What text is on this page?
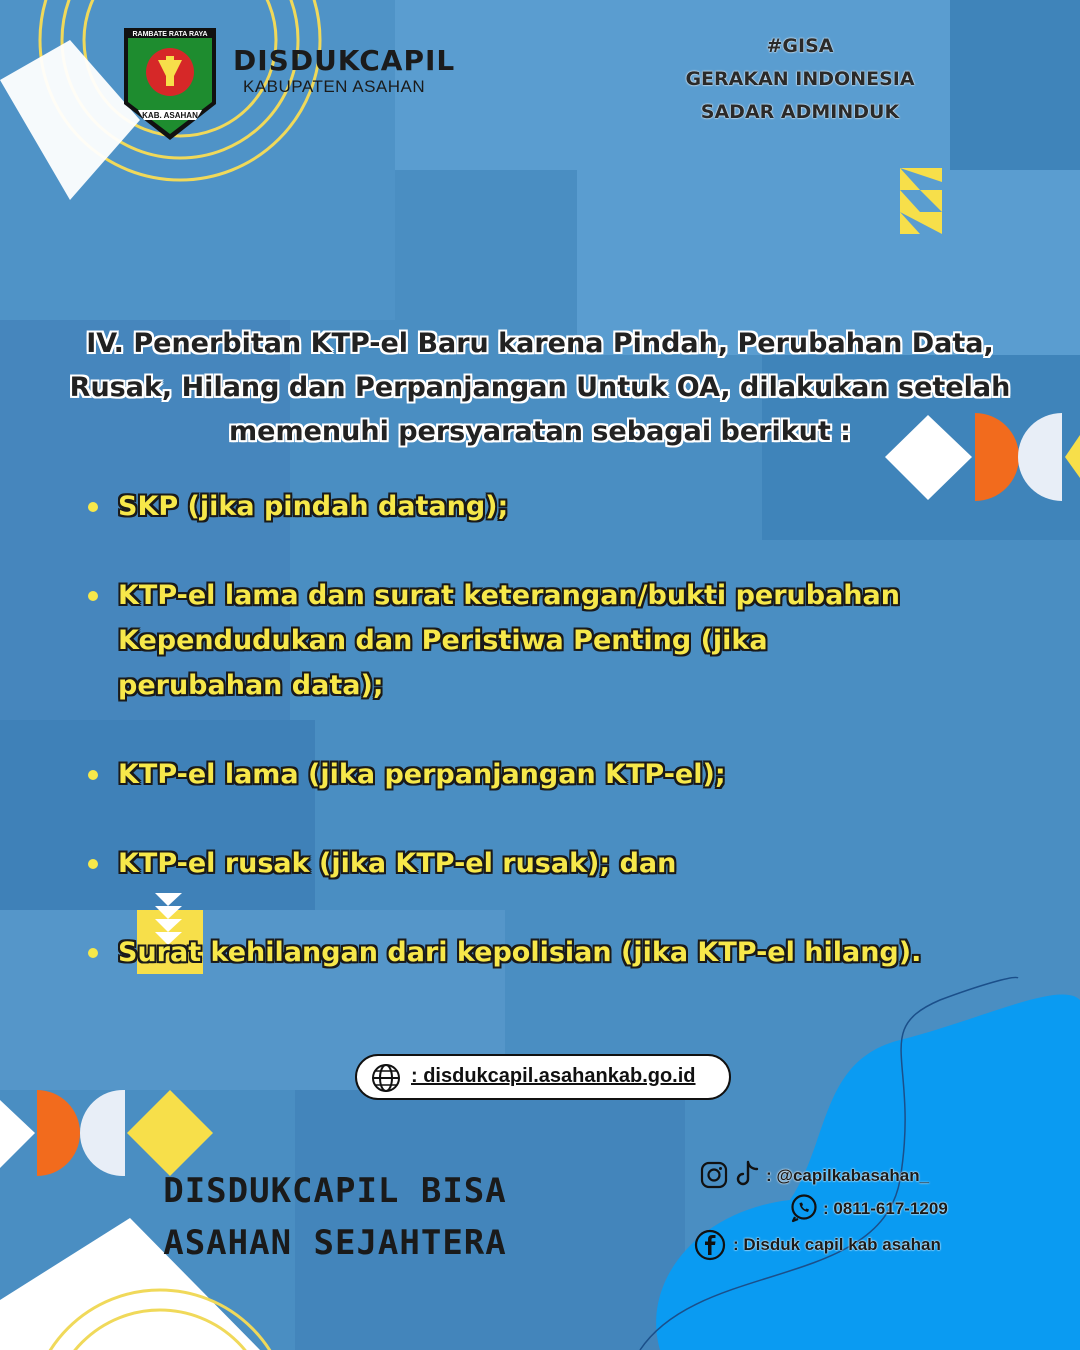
RAMBATE RATA RAYA
KAB. ASAHAN
DISDUKCAPIL
KABUPATEN ASAHAN
#GISA
GERAKAN INDONESIA
SADAR ADMINDUK
IV. Penerbitan KTP-el Baru karena Pindah, Perubahan Data,
Rusak, Hilang dan Perpanjangan Untuk OA, dilakukan setelah
memenuhi persyaratan sebagai berikut :
SKP (jika pindah datang);
KTP-el lama dan surat keterangan/bukti perubahan Kependudukan dan Peristiwa Penting (jika perubahan data);
KTP-el lama (jika perpanjangan KTP-el);
KTP-el rusak (jika KTP-el rusak); dan
Surat kehilangan dari kepolisian (jika KTP-el hilang).
: disdukcapil.asahankab.go.id
DISDUKCAPIL BISA
ASAHAN SEJAHTERA
: @capilkabasahan_
: 0811-617-1209
: Disduk capil kab asahan
